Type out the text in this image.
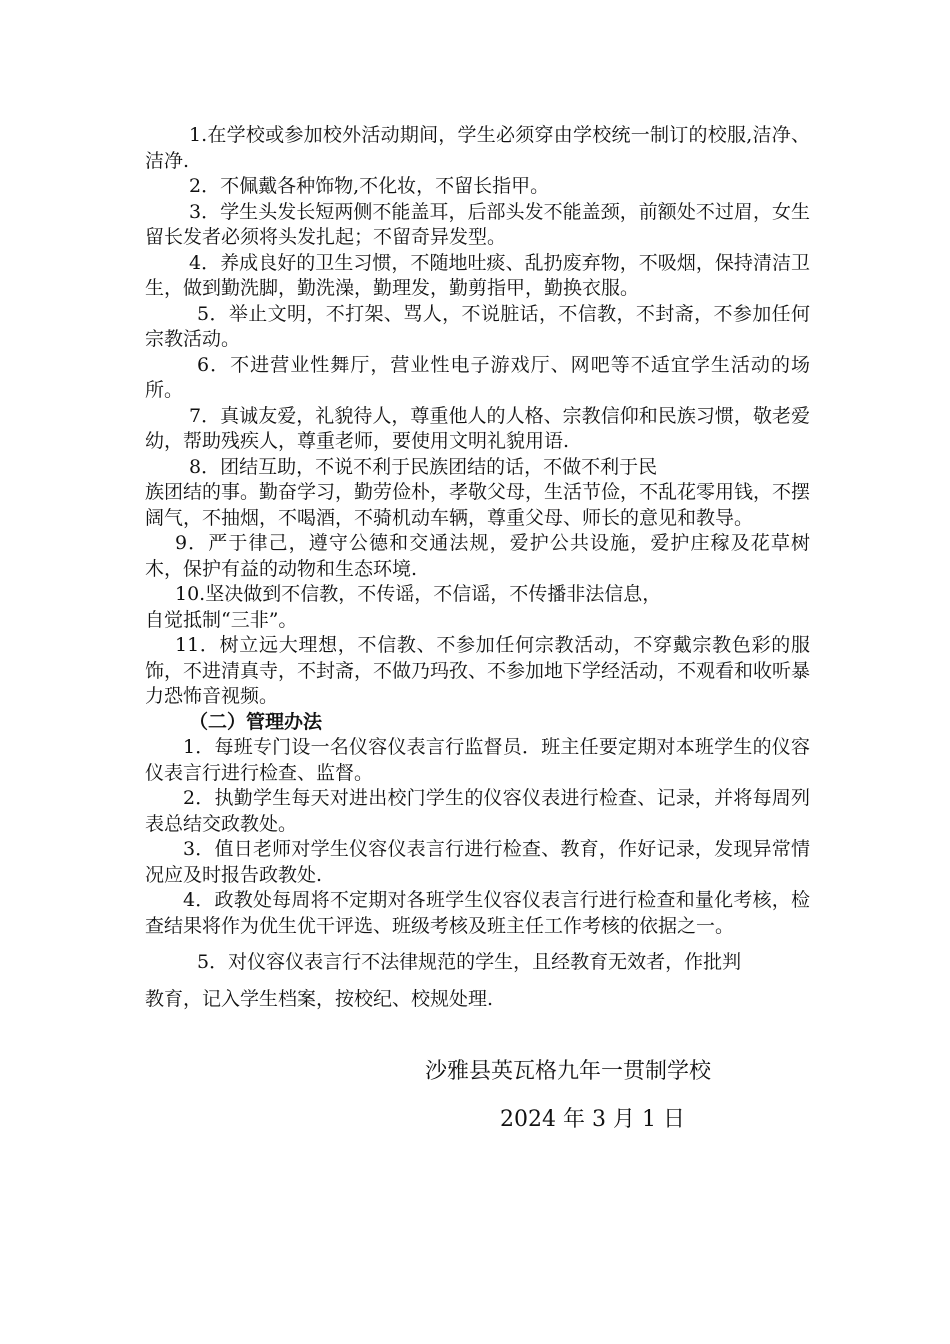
1.在学校或参加校外活动期间，学生必须穿由学校统一制订的校服,洁净、洁净.

2．不佩戴各种饰物,不化妆，不留长指甲。

3．学生头发长短两侧不能盖耳，后部头发不能盖颈，前额处不过眉，女生留长发者必须将头发扎起；不留奇异发型。

4．养成良好的卫生习惯，不随地吐痰、乱扔废弃物，不吸烟，保持清洁卫生，做到勤洗脚，勤洗澡，勤理发，勤剪指甲，勤换衣服。

5．举止文明，不打架、骂人，不说脏话，不信教，不封斋，不参加任何宗教活动。

6．不进营业性舞厅，营业性电子游戏厅、网吧等不适宜学生活动的场所。

7．真诚友爱，礼貌待人，尊重他人的人格、宗教信仰和民族习惯，敬老爱幼，帮助残疾人，尊重老师，要使用文明礼貌用语.

8．团结互助，不说不利于民族团结的话，不做不利于民

族团结的事。勤奋学习，勤劳俭朴，孝敬父母，生活节俭，不乱花零用钱，不摆阔气，不抽烟，不喝酒，不骑机动车辆，尊重父母、师长的意见和教导。

9．严于律己，遵守公德和交通法规，爱护公共设施，爱护庄稼及花草树木，保护有益的动物和生态环境.

10.坚决做到不信教，不传谣，不信谣，不传播非法信息，

自觉抵制“三非”。

11．树立远大理想，不信教、不参加任何宗教活动，不穿戴宗教色彩的服饰，不进清真寺，不封斋，不做乃玛孜、不参加地下学经活动，不观看和收听暴力恐怖音视频。

（二）管理办法

1．每班专门设一名仪容仪表言行监督员．班主任要定期对本班学生的仪容仪表言行进行检查、监督。

2．执勤学生每天对进出校门学生的仪容仪表进行检查、记录，并将每周列表总结交政教处。

3．值日老师对学生仪容仪表言行进行检查、教育，作好记录，发现异常情况应及时报告政教处.

4．政教处每周将不定期对各班学生仪容仪表言行进行检查和量化考核，检查结果将作为优生优干评选、班级考核及班主任工作考核的依据之一。

5．对仪容仪表言行不法律规范的学生，且经教育无效者，作批判

教育，记入学生档案，按校纪、校规处理.

沙雅县英瓦格九年一贯制学校
2024 年 3 月 1 日
